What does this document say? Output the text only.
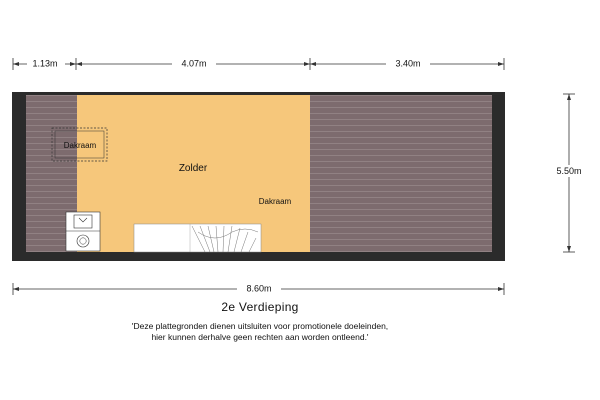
1.13m	4.07m	3.40m
5.50m
8.60m
Dakraam
Zolder
Dakraam
2e Verdieping
'Deze plattegronden dienen uitsluiten voor promotionele doeleinden,
hier kunnen derhalve geen rechten aan worden ontleend.'
